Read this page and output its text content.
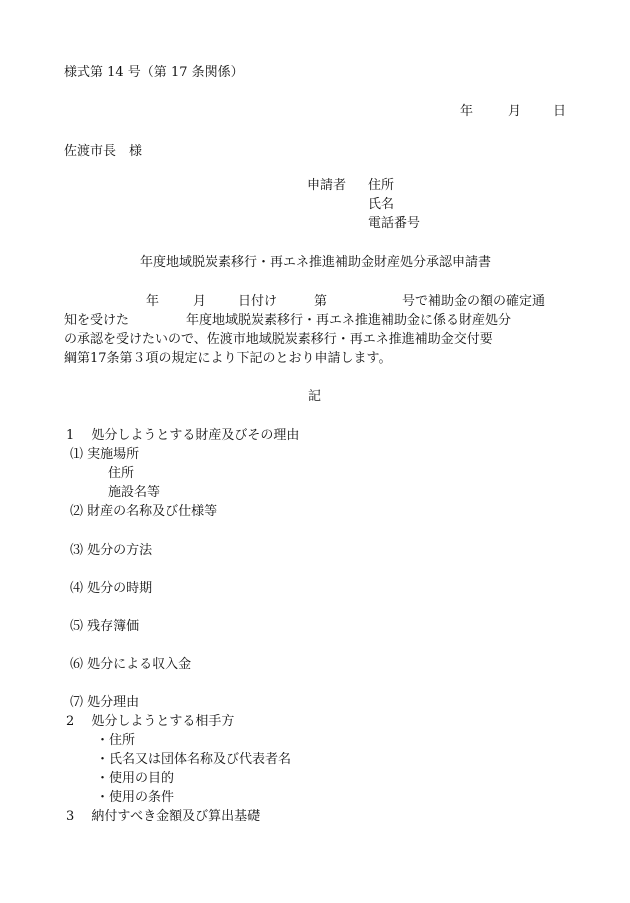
様式第 14 号（第 17 条関係）
年	月 日
佐渡市長　様
申請者 住所
氏名
電話番号
年度地域脱炭素移行・再エネ推進補助金財産処分承認申請書
年	月 日付け	第	号で補助金の額の確定通
知を受けた	年度地域脱炭素移行・再エネ推進補助金に係る財産処分
の承認を受けたいので、佐渡市地域脱炭素移行・再エネ推進補助金交付要
綱第17条第３項の規定により下記のとおり申請します。
記
1　 処分しようとする財産及びその理由
⑴ 実施場所
住所
施設名等
⑵ 財産の名称及び仕様等
⑶ 処分の方法
⑷ 処分の時期
⑸ 残存簿価
⑹ 処分による収入金
⑺ 処分理由
2　 処分しようとする相手方
・住所
・氏名又は団体名称及び代表者名
・使用の目的
・使用の条件
3　 納付すべき金額及び算出基礎
